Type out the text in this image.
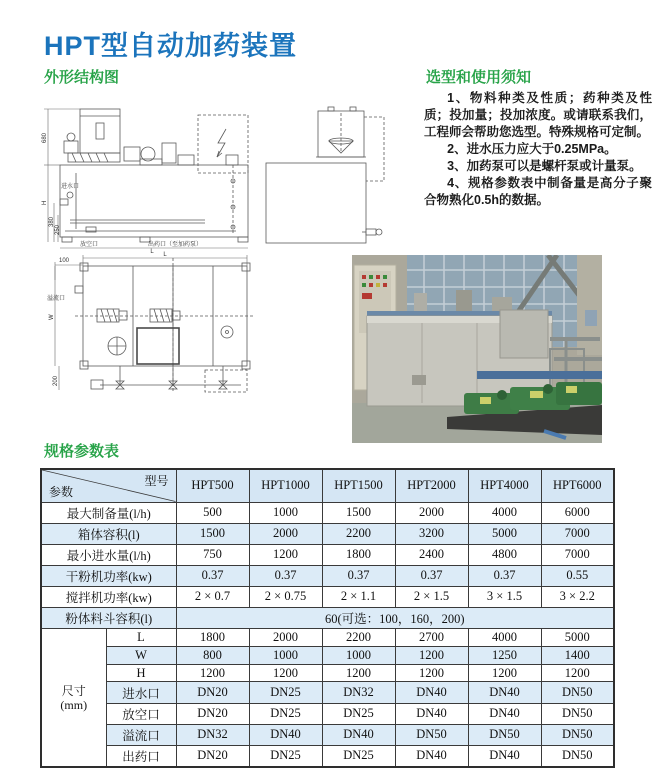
HPT型自动加药装置
外形结构图	选型和使用须知
规格参数表

1、物料种类及性质；药种类及性质；投加量；投加浓度。或请联系我们，工程师会帮助您选型。特殊规格可定制。

2、进水压力应大于0.25MPa。

3、加药泵可以是螺杆泵或计量泵。

4、规格参数表中制备量是高分子聚合物熟化0.5h的数据。

680
H
380
250
L
进水口
放空口	出药口（至加药泵）
L
100
溢流口
W
200
型号
参数		HPT500	HPT1000	HPT1500	HPT2000	HPT4000	HPT6000
最大制备量(l/h)		500	1000	1500	2000	4000	6000
箱体容积(l)		1500	2000	2200	3200	5000	7000
最小进水量(l/h)		750	1200	1800	2400	4800	7000
干粉机功率(kw)		0.37	0.37	0.37	0.37	0.37	0.55
搅拌机功率(kw)		2 × 0.7	2 × 0.75	2 × 1.1	2 × 1.5	3 × 1.5	3 × 2.2
粉体料斗容积(l)		60(可选：100，160，200)					

尺寸
(mm)	L	1800	2000	2200	2700	4000	5000
	W	800	1000	1000	1200	1250	1400
	H	1200	1200	1200	1200	1200	1200
	进水口	DN20	DN25	DN32	DN40	DN40	DN50
	放空口	DN20	DN25	DN25	DN40	DN40	DN50
	溢流口	DN32	DN40	DN40	DN50	DN50	DN50
	出药口	DN20	DN25	DN25	DN40	DN40	DN50
